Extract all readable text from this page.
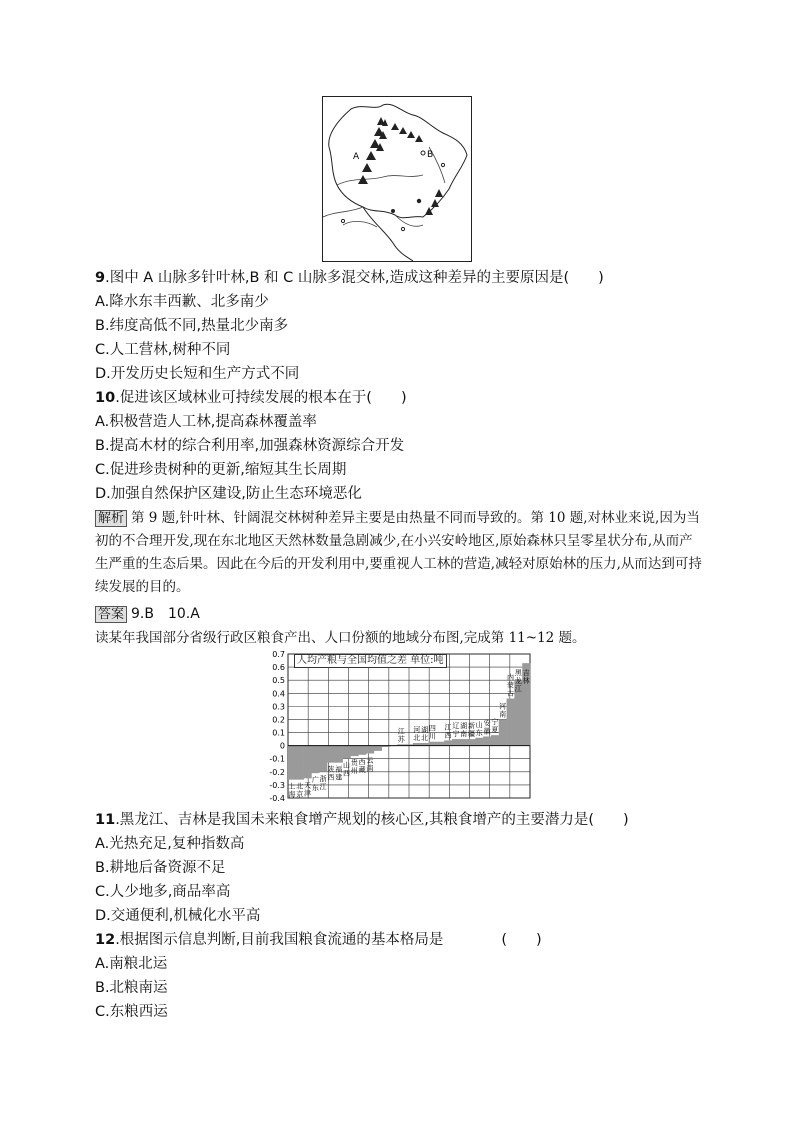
A	B
9.图中 A 山脉多针叶林,B 和 C 山脉多混交林,造成这种差异的主要原因是(　　)
A.降水东丰西歉、北多南少
B.纬度高低不同,热量北少南多
C.人工营林,树种不同
D.开发历史长短和生产方式不同
10.促进该区域林业可持续发展的根本在于(　　)
A.积极营造人工林,提高森林覆盖率
B.提高木材的综合利用率,加强森林资源综合开发
C.促进珍贵树种的更新,缩短其生长周期
D.加强自然保护区建设,防止生态环境恶化
解析 第 9 题,针叶林、针阔混交林树种差异主要是由热量不同而导致的。第 10 题,对林业来说,因为当初的不合理开发,现在东北地区天然林数量急剧减少,在小兴安岭地区,原始森林只呈零星状分布,从而产生严重的生态后果。因此在今后的开发利用中,要重视人工林的营造,减轻对原始林的压力,从而达到可持续发展的目的。
答案 9.B　10.A
读某年我国部分省级行政区粮食产出、人口份额的地域分布图,完成第 11~12 题。
0.7
0.6
0.5
0.4
0.3
0.2
0.1
0
-0.1
-0.2
-0.3
-0.4
上海
北京
天津
广东
浙江
陕西
福建
山西
贵州
西藏
云南
江苏
河北
湖北
四川
江西
辽宁
湖南
山东
安徽
河南
新疆
宁夏
内蒙古
黑龙江
吉林
人均产粮与全国均值之差 单位:吨
11.黑龙江、吉林是我国未来粮食增产规划的核心区,其粮食增产的主要潜力是(　　)
A.光热充足,复种指数高
B.耕地后备资源不足
C.人少地多,商品率高
D.交通便利,机械化水平高
12.根据图示信息判断,目前我国粮食流通的基本格局是　　　　(　　)
A.南粮北运
B.北粮南运
C.东粮西运
